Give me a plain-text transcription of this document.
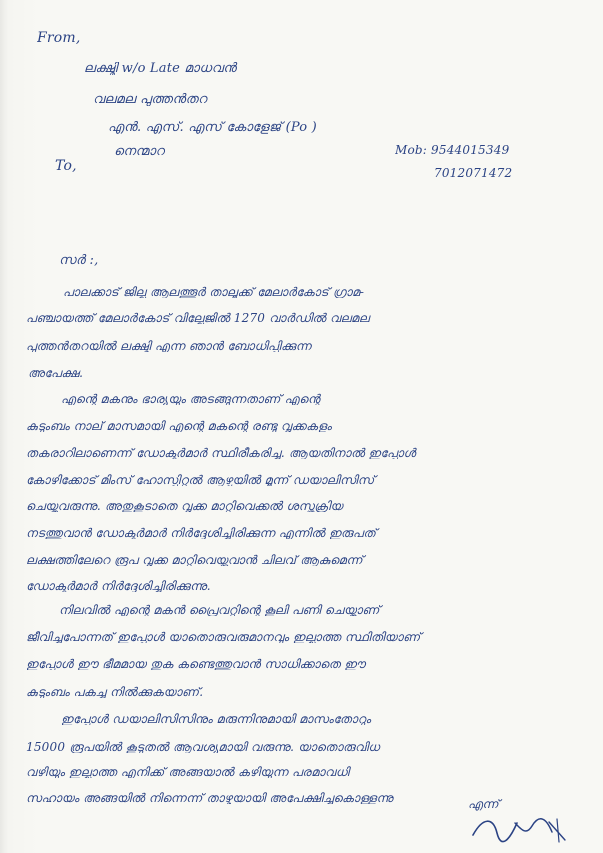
From,
ലക്ഷ്മി w/o Late മാധവൻ
വലമല പുത്തൻതറ
എൻ. എസ്. എസ് കോളേജ് (Po )
നെന്മാറ	Mob: 9544015349
To,	7012071472
സർ :,
പാലക്കാട് ജില്ല ആലത്തൂർ താലൂക്ക് മേലാർകോട് ഗ്രാമ-
പഞ്ചായത്ത് മേലാർകോട് വില്ലേജിൽ 1270 വാർഡിൽ വലമല
പുത്തൻതറയിൽ ലക്ഷ്മി എന്ന ഞാൻ ബോധിപ്പിക്കുന്ന
അപേക്ഷ.
എന്റെ മകനും ഭാര്യയും അടങ്ങുന്നതാണ് എന്റെ
കുടുംബം നാല് മാസമായി എന്റെ മകന്റെ രണ്ടു വൃക്കകളും
തകരാറിലാണെന്ന് ഡോക്ടർമാർ സ്ഥിരീകരിച്ചു. ആയതിനാൽ ഇപ്പോൾ
കോഴിക്കോട് മിംസ് ഹോസ്പിറ്റൽ ആഴ്ചയിൽ മൂന്ന് ഡയാലിസിസ്
ചെയ്തുവരുന്നു. അതുകൂടാതെ വൃക്ക മാറ്റിവെക്കൽ ശസ്ത്രക്രിയ
നടത്തുവാൻ ഡോക്ടർമാർ നിർദ്ദേശിച്ചിരിക്കുന്ന എന്നിൽ ഇരുപത്
ലക്ഷത്തിലേറെ രൂപ വൃക്ക മാറ്റിവെയ്ക്കുവാൻ ചിലവ് ആകുമെന്ന്
ഡോക്ടർമാർ നിർദ്ദേശിച്ചിരിക്കുന്നു.
നിലവിൽ എന്റെ മകൻ പ്രൈവറ്റിന്റെ കൂലി പണി ചെയ്താണ്
ജീവിച്ചുപോന്നത് ഇപ്പോൾ യാതൊരുവരുമാനവും ഇല്ലാത്ത സ്ഥിതിയാണ്
ഇപ്പോൾ ഈ ഭീമമായ തുക കണ്ടെത്തുവാൻ സാധിക്കാതെ ഈ
കുടുംബം പകച്ചു നിൽക്കുകയാണ്.
ഇപ്പോൾ ഡയാലിസിസിനും മരുന്നിനുമായി മാസംതോറും
15000 രൂപയിൽ കൂടുതൽ ആവശ്യമായി വരുന്നു. യാതൊരുവിധ
വഴിയും ഇല്ലാത്ത എനിക്ക് അങ്ങയാൽ കഴിയുന്ന പരമാവധി
സഹായം അങ്ങയിൽ നിന്നെന്ന് താഴ്മയായി അപേക്ഷിച്ചുകൊള്ളുന്നു	എന്ന്
